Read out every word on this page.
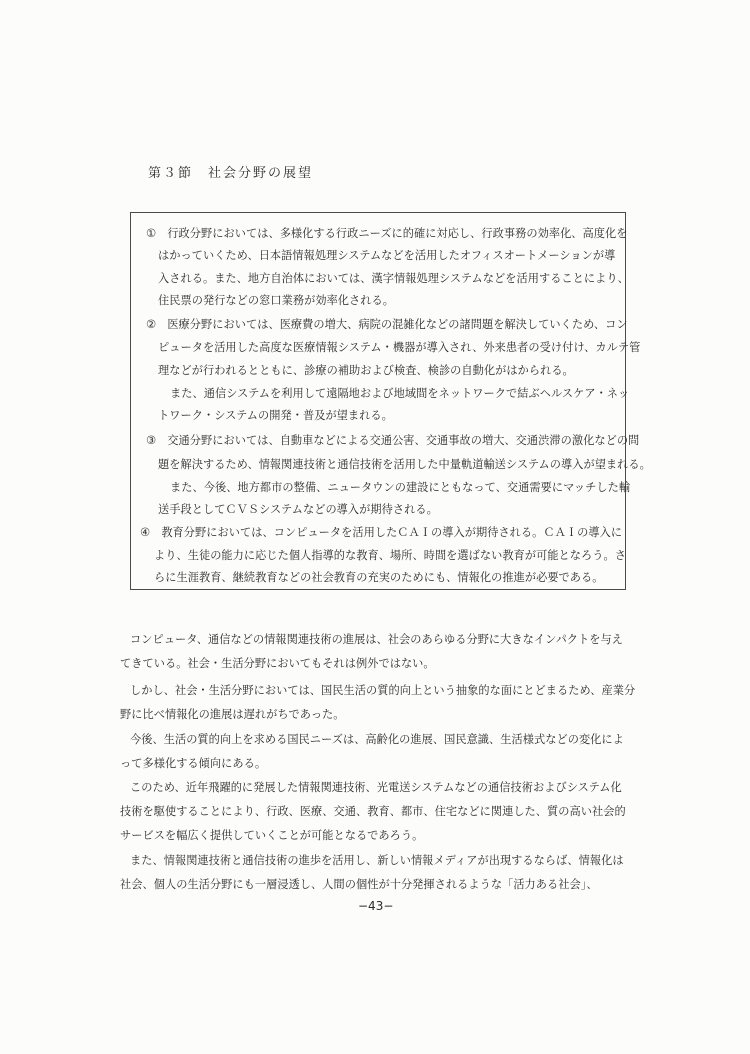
第３節　社会分野の展望
①　行政分野においては、多様化する行政ニーズに的確に対応し、行政事務の効率化、高度化を
はかっていくため、日本語情報処理システムなどを活用したオフィスオートメーションが導
入される。また、地方自治体においては、漢字情報処理システムなどを活用することにより、
住民票の発行などの窓口業務が効率化される。
②　医療分野においては、医療費の増大、病院の混雑化などの諸問題を解決していくため、コン
ピュータを活用した高度な医療情報システム・機器が導入され、外来患者の受け付け、カルテ管
理などが行われるとともに、診療の補助および検査、検診の自動化がはかられる。
また、通信システムを利用して遠隔地および地域間をネットワークで結ぶヘルスケア・ネッ
トワーク・システムの開発・普及が望まれる。
③　交通分野においては、自動車などによる交通公害、交通事故の増大、交通渋滞の激化などの問
題を解決するため、情報関連技術と通信技術を活用した中量軌道輸送システムの導入が望まれる。
また、今後、地方都市の整備、ニュータウンの建設にともなって、交通需要にマッチした輸
送手段としてＣＶＳシステムなどの導入が期待される。
④　教育分野においては、コンピュータを活用したＣＡＩの導入が期待される。ＣＡＩの導入に
より、生徒の能力に応じた個人指導的な教育、場所、時間を選ばない教育が可能となろう。さ
らに生涯教育、継続教育などの社会教育の充実のためにも、情報化の推進が必要である。
コンピュータ、通信などの情報関連技術の進展は、社会のあらゆる分野に大きなインパクトを与え
てきている。社会・生活分野においてもそれは例外ではない。
しかし、社会・生活分野においては、国民生活の質的向上という抽象的な面にとどまるため、産業分
野に比べ情報化の進展は遅れがちであった。
今後、生活の質的向上を求める国民ニーズは、高齢化の進展、国民意識、生活様式などの変化によ
って多様化する傾向にある。
このため、近年飛躍的に発展した情報関連技術、光電送システムなどの通信技術およびシステム化
技術を駆使することにより、行政、医療、交通、教育、都市、住宅などに関連した、質の高い社会的
サービスを幅広く提供していくことが可能となるであろう。
また、情報関連技術と通信技術の進歩を活用し、新しい情報メディアが出現するならば、情報化は
社会、個人の生活分野にも一層浸透し、人間の個性が十分発揮されるような「活力ある社会」、
−43−
